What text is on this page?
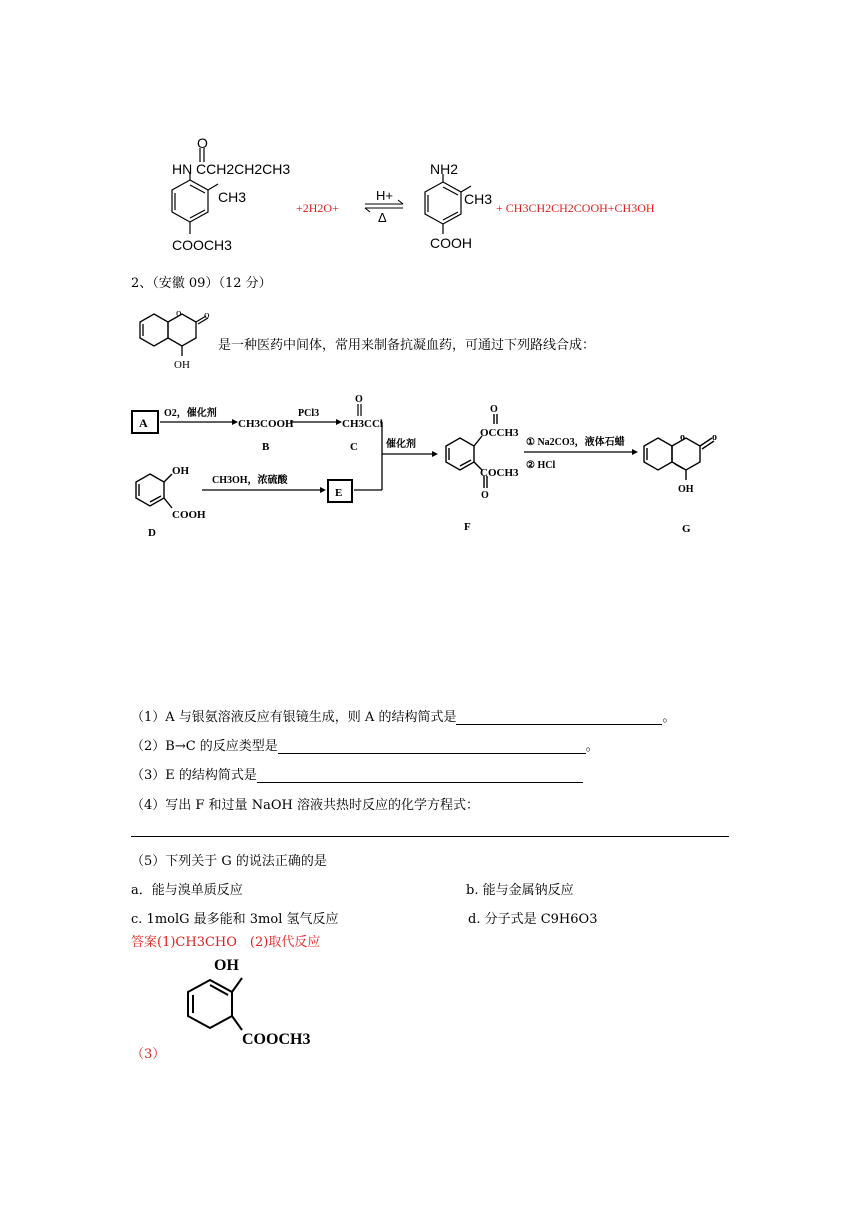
O
HN CCH2CH2CH3
CH3
COOCH3
+2H2O+
H+
Δ
NH2
CH3
COOH
+ CH3CH2CH2COOH+CH3OH
2、（安徽 09）（12 分）
o o
OH
是一种医药中间体，常用来制备抗凝血药，可通过下列路线合成：
A
O2，催化剂
CH3COOH
B
PCl3
CH3CCl
O
C	催化剂
OH
COOH
D
CH3OH，浓硫酸
E
O
OCCH3
COCH3
O
F
① Na2CO3，液体石蜡
② HCl
o	o
OH
G
（1）A 与银氨溶液反应有银镜生成，则 A 的结构简式是	。
（2）B→C 的反应类型是	。
（3）E 的结构简式是
（4）写出 F 和过量 NaOH 溶液共热时反应的化学方程式：
（5）下列关于 G 的说法正确的是
a．能与溴单质反应	b. 能与金属钠反应
c. 1molG 最多能和 3mol 氢气反应	d. 分子式是 C9H6O3
答案(1)CH3CHO　(2)取代反应
OH
COOCH3
（3）
